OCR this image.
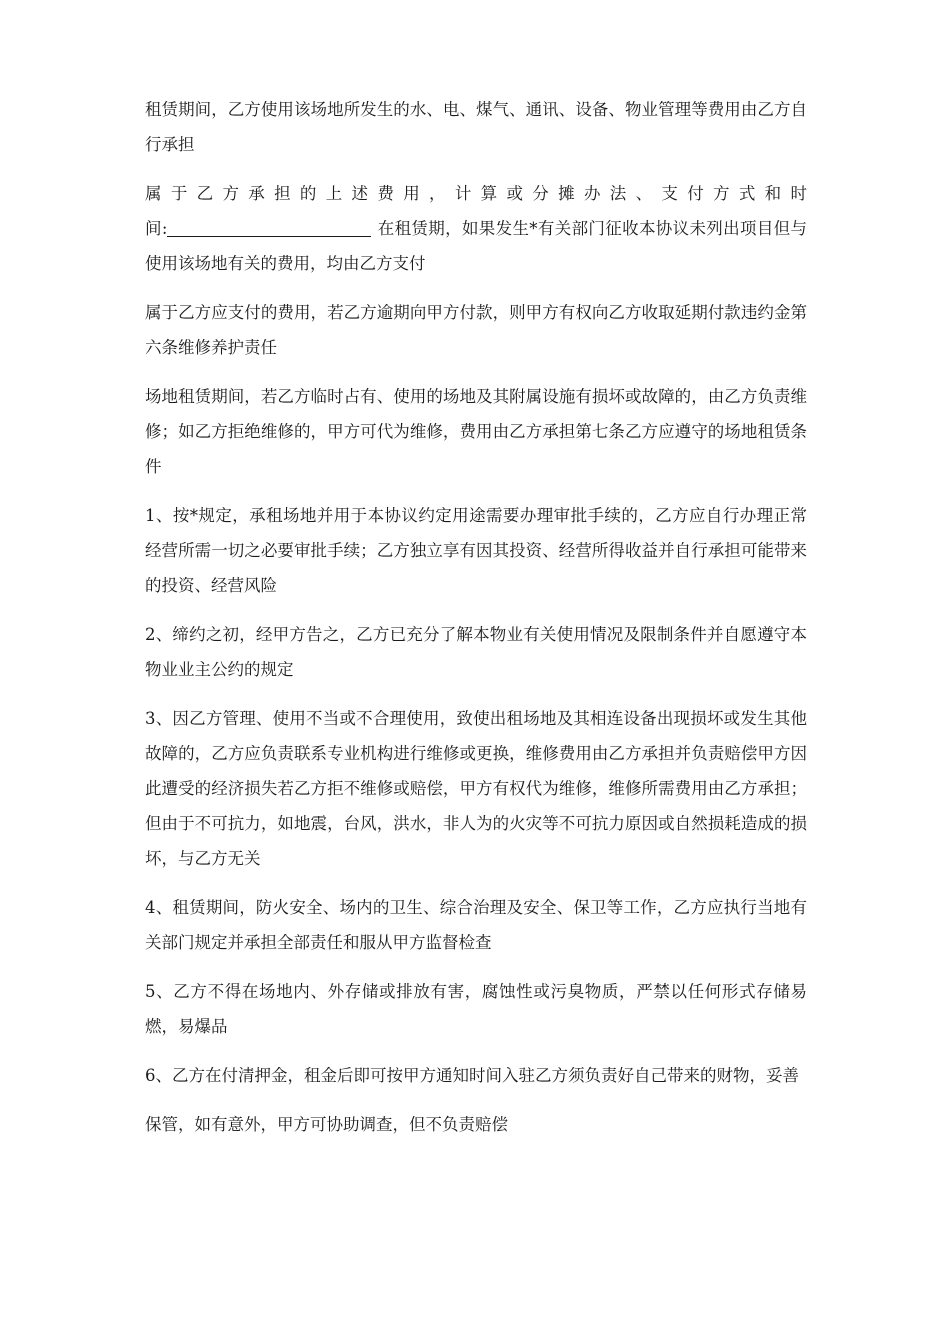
租赁期间，乙方使用该场地所发生的水、电、煤气、通讯、设备、物业管理等费用由乙方自行承担

属于乙方承担的上述费用，计算或分摊办法、支付方式和时
间:	在租赁期，如果发生*有关部门征收本协议未列出项目但与使用该场地有关的费用，均由乙方支付

属于乙方应支付的费用，若乙方逾期向甲方付款，则甲方有权向乙方收取延期付款违约金第六条维修养护责任

场地租赁期间，若乙方临时占有、使用的场地及其附属设施有损坏或故障的，由乙方负责维修；如乙方拒绝维修的，甲方可代为维修，费用由乙方承担第七条乙方应遵守的场地租赁条件

1、按*规定，承租场地并用于本协议约定用途需要办理审批手续的，乙方应自行办理正常经营所需一切之必要审批手续；乙方独立享有因其投资、经营所得收益并自行承担可能带来的投资、经营风险

2、缔约之初，经甲方告之，乙方已充分了解本物业有关使用情况及限制条件并自愿遵守本物业业主公约的规定

3、因乙方管理、使用不当或不合理使用，致使出租场地及其相连设备出现损坏或发生其他故障的，乙方应负责联系专业机构进行维修或更换，维修费用由乙方承担并负责赔偿甲方因此遭受的经济损失若乙方拒不维修或赔偿，甲方有权代为维修，维修所需费用由乙方承担；但由于不可抗力，如地震，台风，洪水，非人为的火灾等不可抗力原因或自然损耗造成的损坏，与乙方无关

4、租赁期间，防火安全、场内的卫生、综合治理及安全、保卫等工作，乙方应执行当地有关部门规定并承担全部责任和服从甲方监督检查

5、乙方不得在场地内、外存储或排放有害，腐蚀性或污臭物质，严禁以任何形式存储易燃，易爆品

6、乙方在付清押金，租金后即可按甲方通知时间入驻乙方须负责好自己带来的财物，妥善

保管，如有意外，甲方可协助调查，但不负责赔偿
